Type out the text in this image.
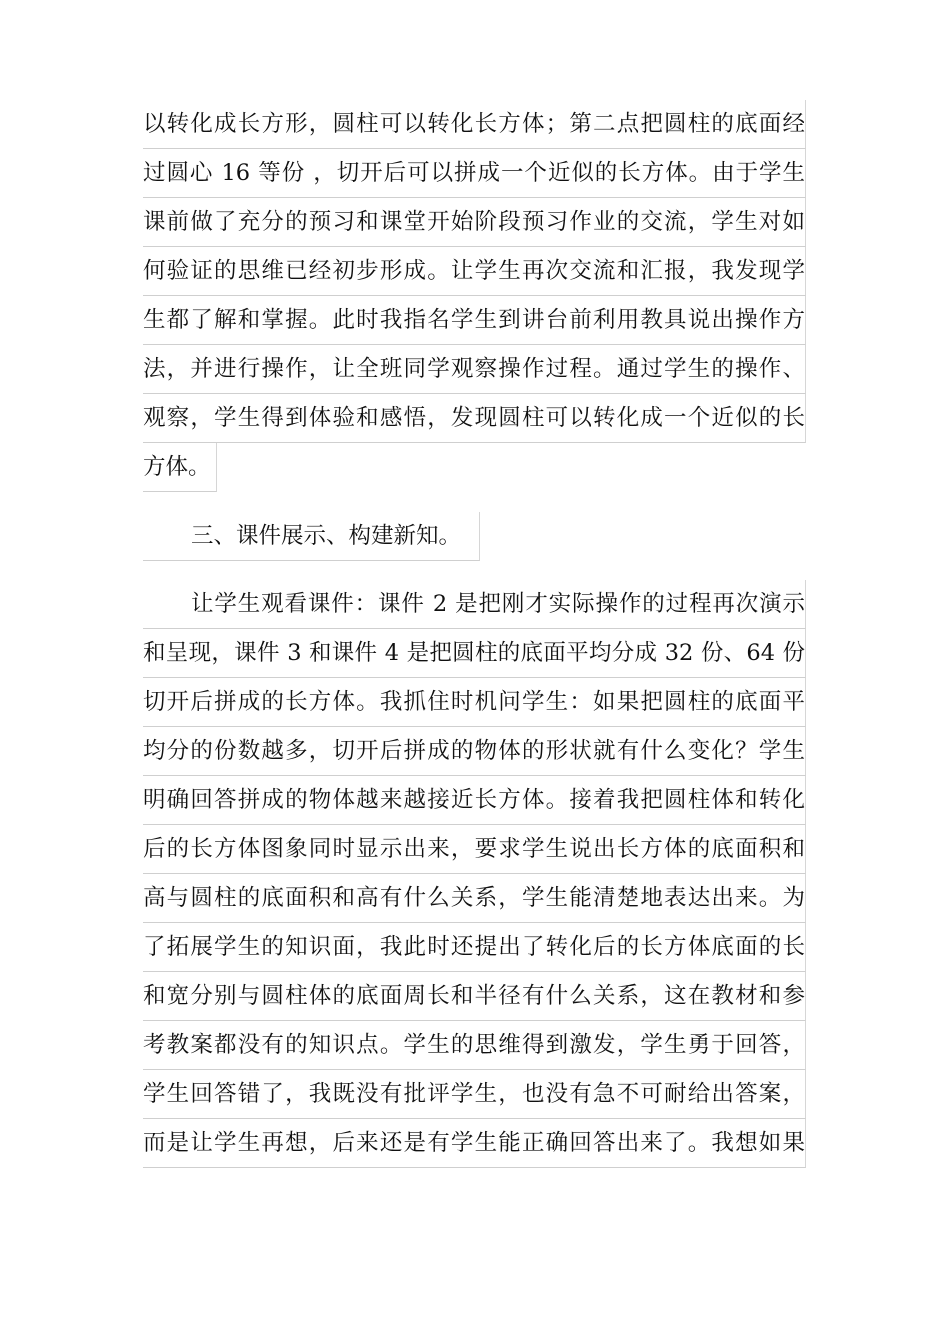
以转化成长方形，圆柱可以转化长方体；第二点把圆柱的底面经
过圆心 16 等份 ，切开后可以拼成一个近似的长方体。由于学生
课前做了充分的预习和课堂开始阶段预习作业的交流，学生对如
何验证的思维已经初步形成。让学生再次交流和汇报，我发现学
生都了解和掌握。此时我指名学生到讲台前利用教具说出操作方
法，并进行操作，让全班同学观察操作过程。通过学生的操作、
观察，学生得到体验和感悟，发现圆柱可以转化成一个近似的长
方体。
三、课件展示、构建新知。
让学生观看课件：课件 2 是把刚才实际操作的过程再次演示
和呈现，课件 3 和课件 4 是把圆柱的底面平均分成 32 份、64 份
切开后拼成的长方体。我抓住时机问学生：如果把圆柱的底面平
均分的份数越多，切开后拼成的物体的形状就有什么变化？学生
明确回答拼成的物体越来越接近长方体。接着我把圆柱体和转化
后的长方体图象同时显示出来，要求学生说出长方体的底面积和
高与圆柱的底面积和高有什么关系，学生能清楚地表达出来。为
了拓展学生的知识面，我此时还提出了转化后的长方体底面的长
和宽分别与圆柱体的底面周长和半径有什么关系，这在教材和参
考教案都没有的知识点。学生的思维得到激发，学生勇于回答，
学生回答错了，我既没有批评学生，也没有急不可耐给出答案，
而是让学生再想，后来还是有学生能正确回答出来了。我想如果
